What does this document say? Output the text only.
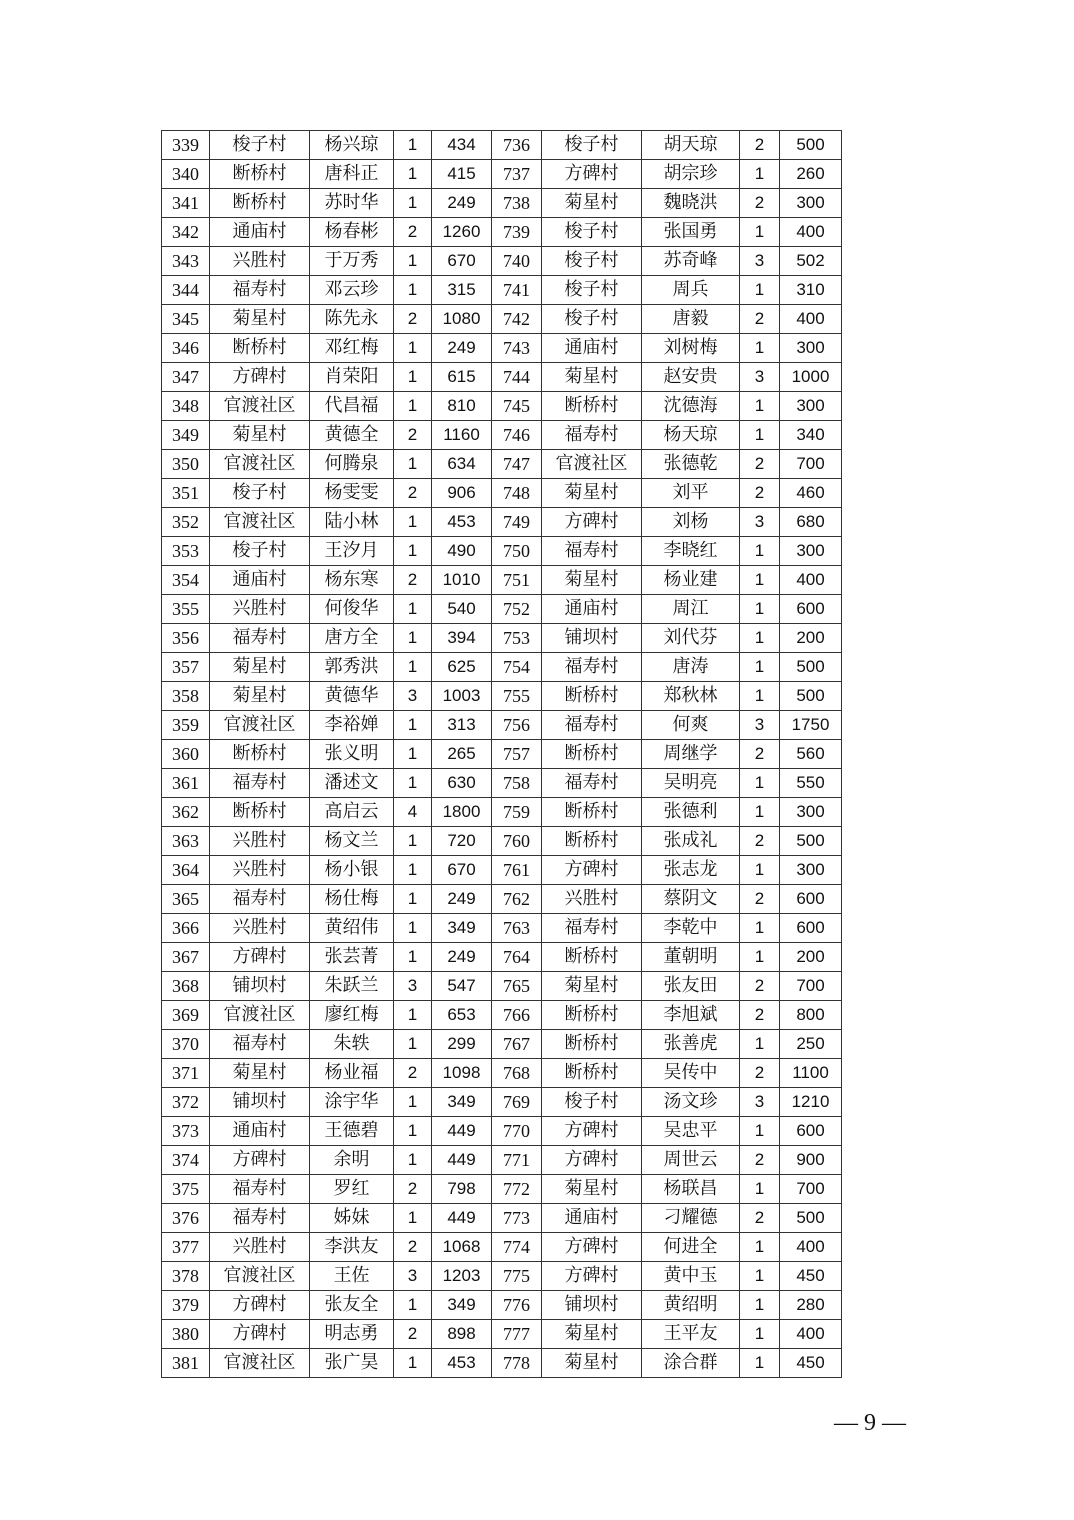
339	梭子村	杨兴琼	1	434	736	梭子村	胡天琼	2	500
340	断桥村	唐科正	1	415	737	方碑村	胡宗珍	1	260
341	断桥村	苏时华	1	249	738	菊星村	魏晓洪	2	300
342	通庙村	杨春彬	2	1260	739	梭子村	张国勇	1	400
343	兴胜村	于万秀	1	670	740	梭子村	苏奇峰	3	502
344	福寿村	邓云珍	1	315	741	梭子村	周兵	1	310
345	菊星村	陈先永	2	1080	742	梭子村	唐毅	2	400
346	断桥村	邓红梅	1	249	743	通庙村	刘树梅	1	300
347	方碑村	肖荣阳	1	615	744	菊星村	赵安贵	3	1000
348	官渡社区	代昌福	1	810	745	断桥村	沈德海	1	300
349	菊星村	黄德全	2	1160	746	福寿村	杨天琼	1	340
350	官渡社区	何腾泉	1	634	747	官渡社区	张德乾	2	700
351	梭子村	杨雯雯	2	906	748	菊星村	刘平	2	460
352	官渡社区	陆小林	1	453	749	方碑村	刘杨	3	680
353	梭子村	王汐月	1	490	750	福寿村	李晓红	1	300
354	通庙村	杨东寒	2	1010	751	菊星村	杨业建	1	400
355	兴胜村	何俊华	1	540	752	通庙村	周江	1	600
356	福寿村	唐方全	1	394	753	铺坝村	刘代芬	1	200
357	菊星村	郭秀洪	1	625	754	福寿村	唐涛	1	500
358	菊星村	黄德华	3	1003	755	断桥村	郑秋林	1	500
359	官渡社区	李裕婵	1	313	756	福寿村	何爽	3	1750
360	断桥村	张义明	1	265	757	断桥村	周继学	2	560
361	福寿村	潘述文	1	630	758	福寿村	吴明亮	1	550
362	断桥村	高启云	4	1800	759	断桥村	张德利	1	300
363	兴胜村	杨文兰	1	720	760	断桥村	张成礼	2	500
364	兴胜村	杨小银	1	670	761	方碑村	张志龙	1	300
365	福寿村	杨仕梅	1	249	762	兴胜村	蔡阴文	2	600
366	兴胜村	黄绍伟	1	349	763	福寿村	李乾中	1	600
367	方碑村	张芸菁	1	249	764	断桥村	董朝明	1	200
368	铺坝村	朱跃兰	3	547	765	菊星村	张友田	2	700
369	官渡社区	廖红梅	1	653	766	断桥村	李旭斌	2	800
370	福寿村	朱轶	1	299	767	断桥村	张善虎	1	250
371	菊星村	杨业福	2	1098	768	断桥村	吴传中	2	1100
372	铺坝村	涂宇华	1	349	769	梭子村	汤文珍	3	1210
373	通庙村	王德碧	1	449	770	方碑村	吴忠平	1	600
374	方碑村	余明	1	449	771	方碑村	周世云	2	900
375	福寿村	罗红	2	798	772	菊星村	杨联昌	1	700
376	福寿村	姊妹	1	449	773	通庙村	刁耀德	2	500
377	兴胜村	李洪友	2	1068	774	方碑村	何进全	1	400
378	官渡社区	王佐	3	1203	775	方碑村	黄中玉	1	450
379	方碑村	张友全	1	349	776	铺坝村	黄绍明	1	280
380	方碑村	明志勇	2	898	777	菊星村	王平友	1	400
381	官渡社区	张广昊	1	453	778	菊星村	涂合群	1	450
— 9 —
